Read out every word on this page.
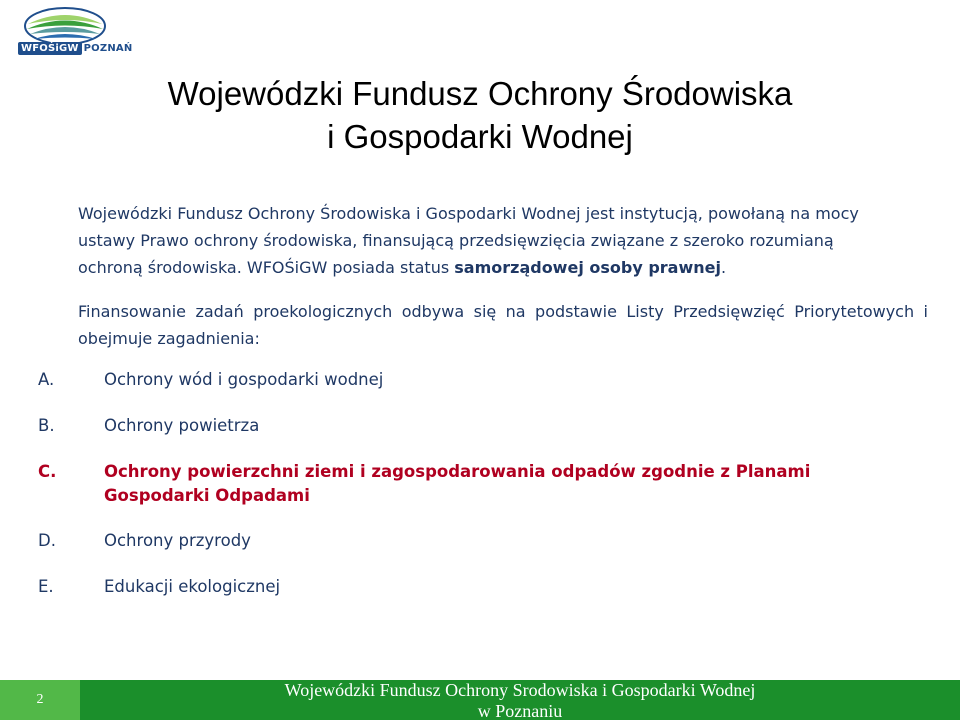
WFOŚiGW POZNAŃ
Wojewódzki Fundusz Ochrony Środowiska
i Gospodarki Wodnej
Wojewódzki Fundusz Ochrony Środowiska i Gospodarki Wodnej jest instytucją, powołaną na mocy ustawy Prawo ochrony środowiska, finansującą przedsięwzięcia związane z szeroko rozumianą ochroną środowiska. WFOŚiGW posiada status samorządowej osoby prawnej.
Finansowanie zadań proekologicznych odbywa się na podstawie Listy Przedsięwzięć Priorytetowych i obejmuje zagadnienia:
A.	Ochrony wód i gospodarki wodnej
B.	Ochrony powietrza
C.	Ochrony powierzchni ziemi i zagospodarowania odpadów zgodnie z Planami Gospodarki Odpadami
D.	Ochrony przyrody
E.	Edukacji ekologicznej
2	Wojewódzki Fundusz Ochrony Srodowiska i Gospodarki Wodnej
w Poznaniu
